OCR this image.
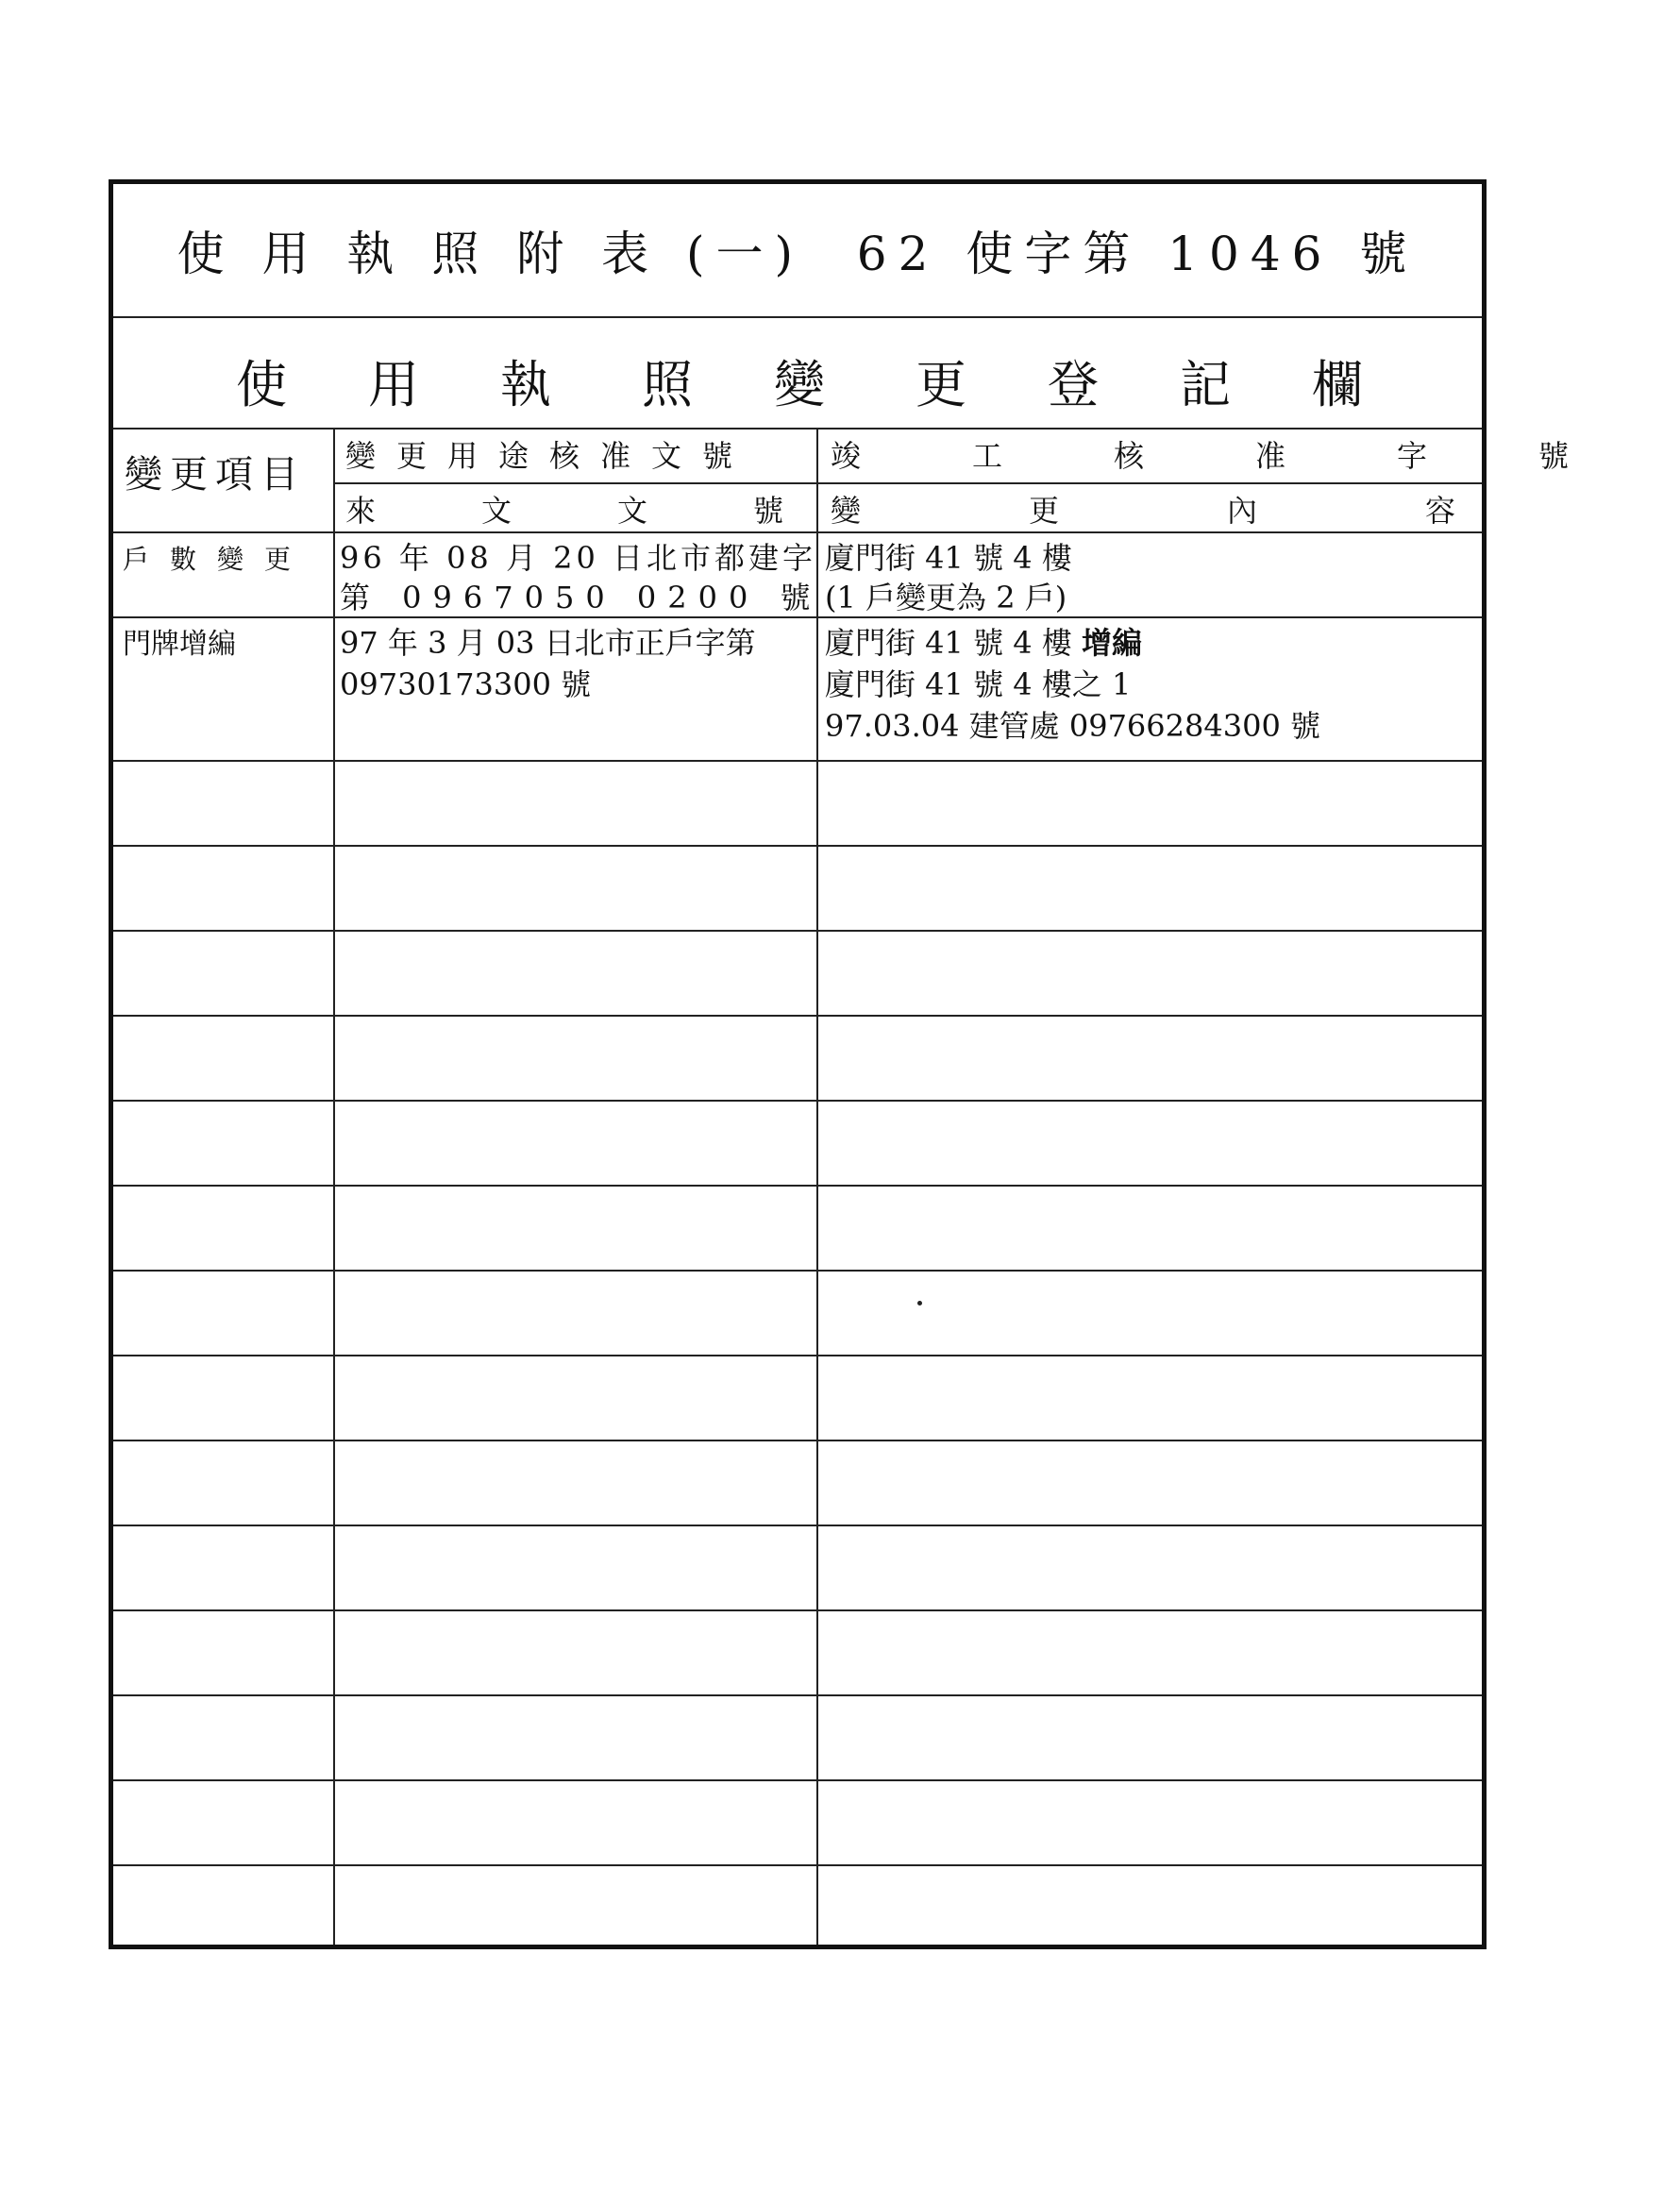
使 用 執 照 附 表 (一)  62 使字第 1046 號
使 用 執 照 變 更 登 記 欄
變更項目 變更用途核准文號	竣工核准字號
來文文號
變更內容
戶數變更 96 年 08 月 20 日北市都建字
第 0967050 0200 號
廈門街 41 號 4 樓
(1 戶變更為 2 戶)
門牌增編	97 年 3 月 03 日北市正戶字第
09730173300 號
廈門街 41 號 4 樓 增編
廈門街 41 號 4 樓之 1
97.03.04 建管處 09766284300 號
